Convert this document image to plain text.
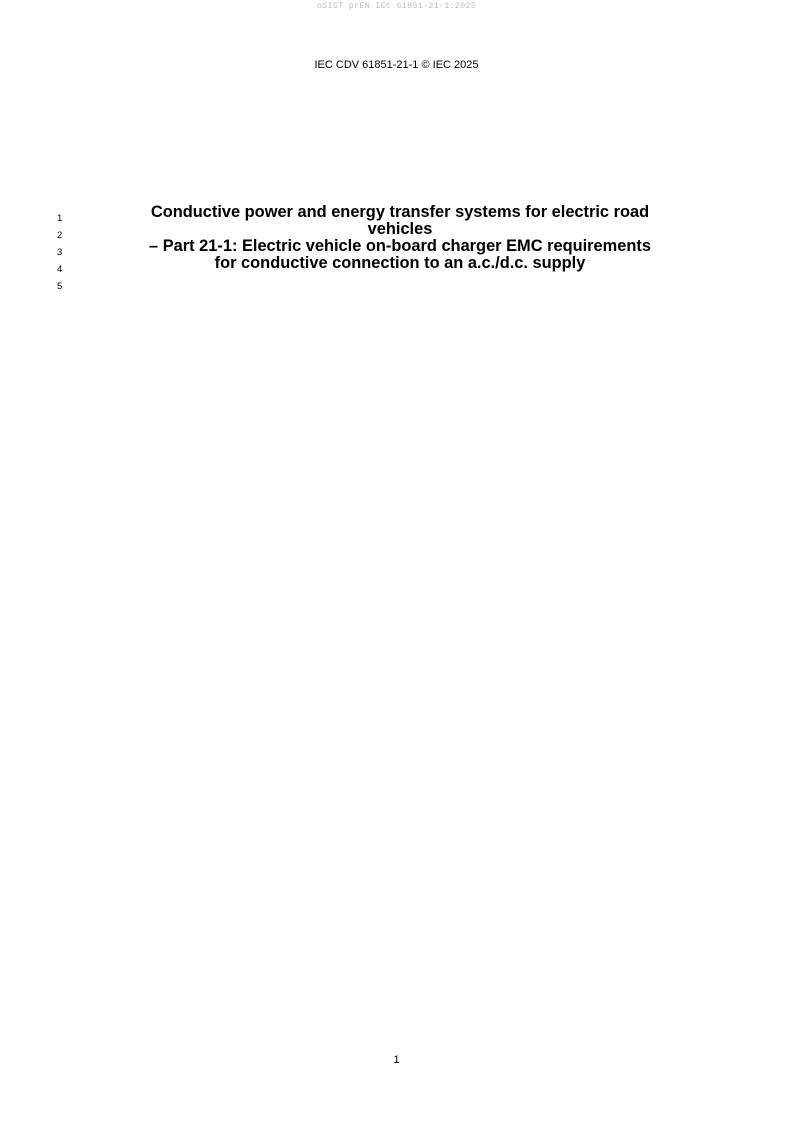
oSIST prEN IEC 61851-21-1:2025
IEC CDV 61851-21-1 © IEC 2025
1
2
3
4
5
Conductive power and energy transfer systems for electric road
vehicles
– Part 21-1: Electric vehicle on-board charger EMC requirements
for conductive connection to an a.c./d.c. supply
1
